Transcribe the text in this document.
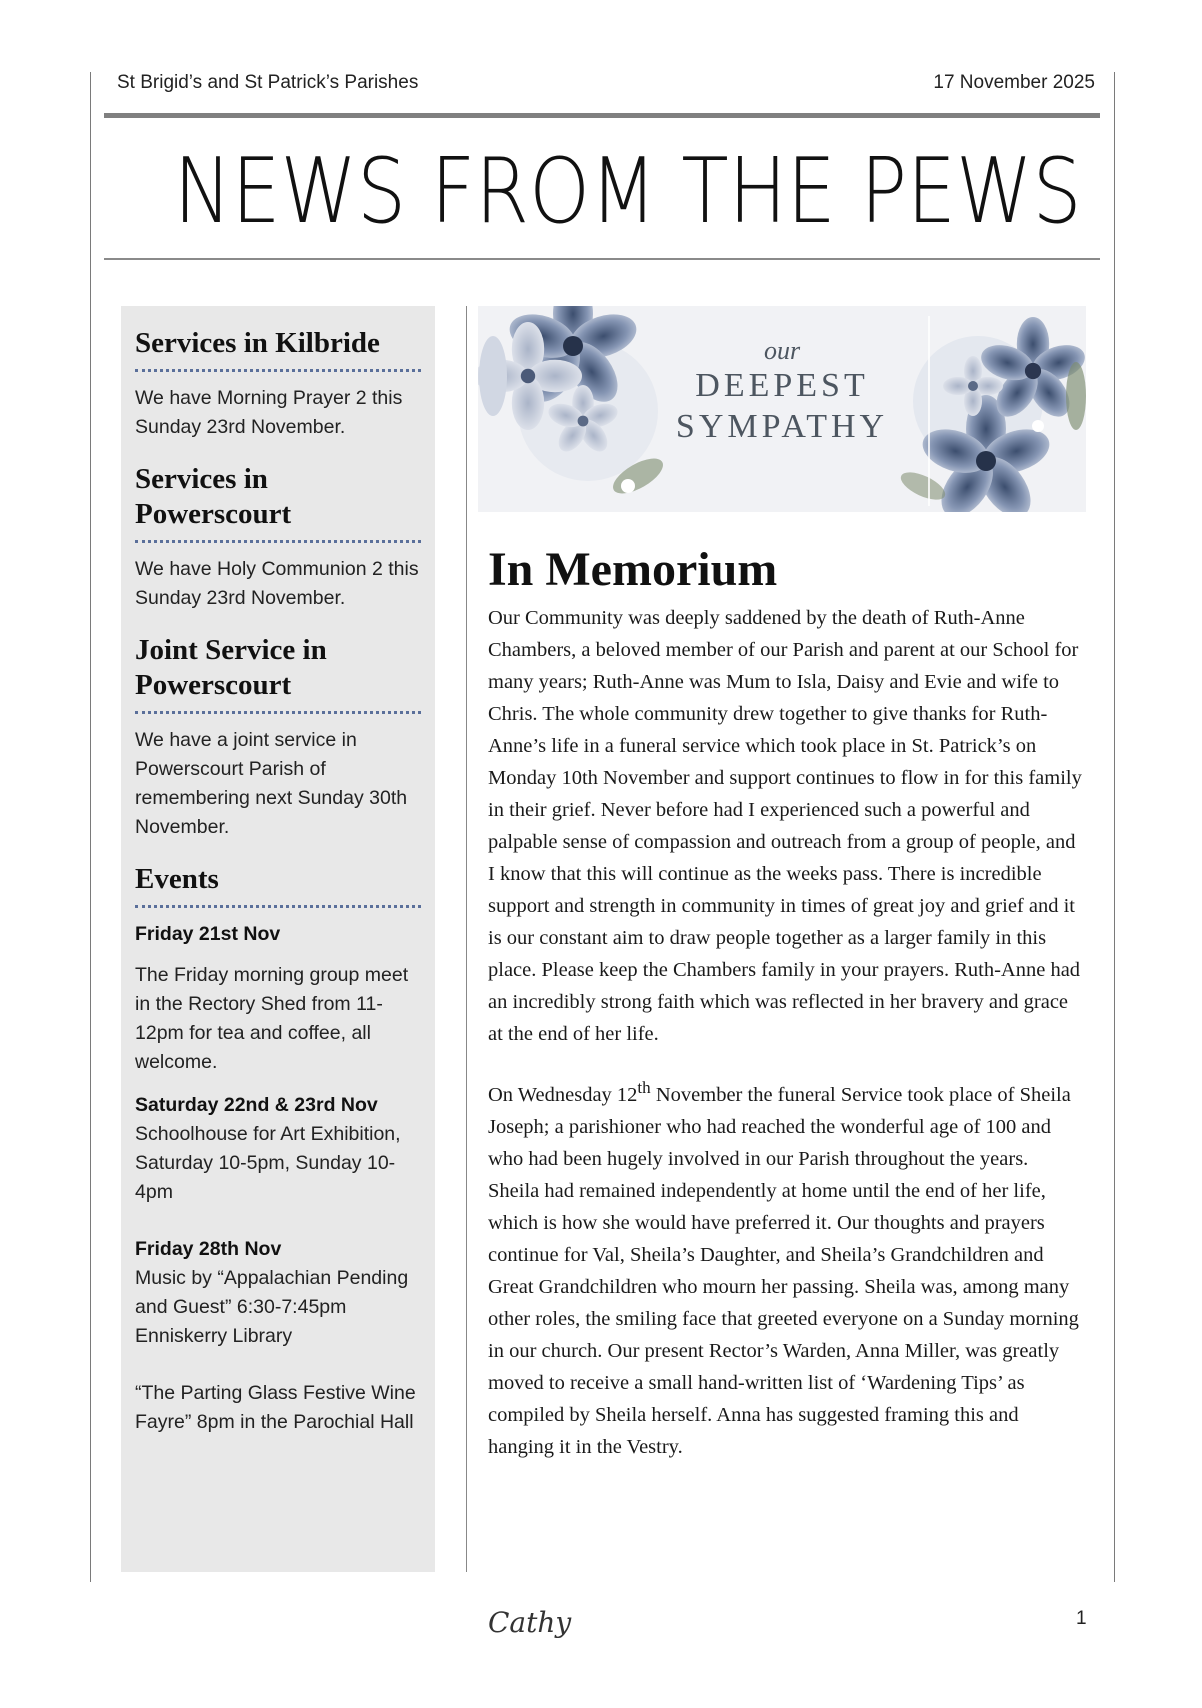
St Brigid’s and St Patrick’s Parishes	17 November 2025
NEWS FROM THE PEWS
Services in Kilbride

We have Morning Prayer 2 this Sunday 23rd November.

Services in Powerscourt

We have Holy Communion 2 this Sunday 23rd November.

Joint Service in Powerscourt

We have a joint service in Powerscourt Parish of remembering next Sunday 30th November.

Events

Friday 21st Nov

The Friday morning group meet in the Rectory Shed from 11-12pm for tea and coffee, all welcome.

Saturday 22nd & 23rd Nov

Schoolhouse for Art Exhibition, Saturday 10-5pm, Sunday 10-4pm

Friday 28th Nov

Music by “Appalachian Pending and Guest” 6:30-7:45pm Enniskerry Library

“The Parting Glass Festive Wine Fayre” 8pm in the Parochial Hall

our
DEEPEST
SYMPATHY
In Memorium

Our Community was deeply saddened by the death of Ruth-Anne Chambers, a beloved member of our Parish and parent at our School for many years; Ruth-Anne was Mum to Isla, Daisy and Evie and wife to Chris. The whole community drew together to give thanks for Ruth-Anne’s life in a funeral service which took place in St. Patrick’s on Monday 10th November and support continues to flow in for this family in their grief. Never before had I experienced such a powerful and palpable sense of compassion and outreach from a group of people, and I know that this will continue as the weeks pass. There is incredible support and strength in community in times of great joy and grief and it is our constant aim to draw people together as a larger family in this place. Please keep the Chambers family in your prayers. Ruth-Anne had an incredibly strong faith which was reflected in her bravery and grace at the end of her life.

On Wednesday 12th November the funeral Service took place of Sheila Joseph; a parishioner who had reached the wonderful age of 100 and who had been hugely involved in our Parish throughout the years. Sheila had remained independently at home until the end of her life, which is how she would have preferred it. Our thoughts and prayers continue for Val, Sheila’s Daughter, and Sheila’s Grandchildren and Great Grandchildren who mourn her passing. Sheila was, among many other roles, the smiling face that greeted everyone on a Sunday morning in our church. Our present Rector’s Warden, Anna Miller, was greatly moved to receive a small hand-written list of ‘Wardening Tips’ as compiled by Sheila herself. Anna has suggested framing this and hanging it in the Vestry.

Cathy	1
